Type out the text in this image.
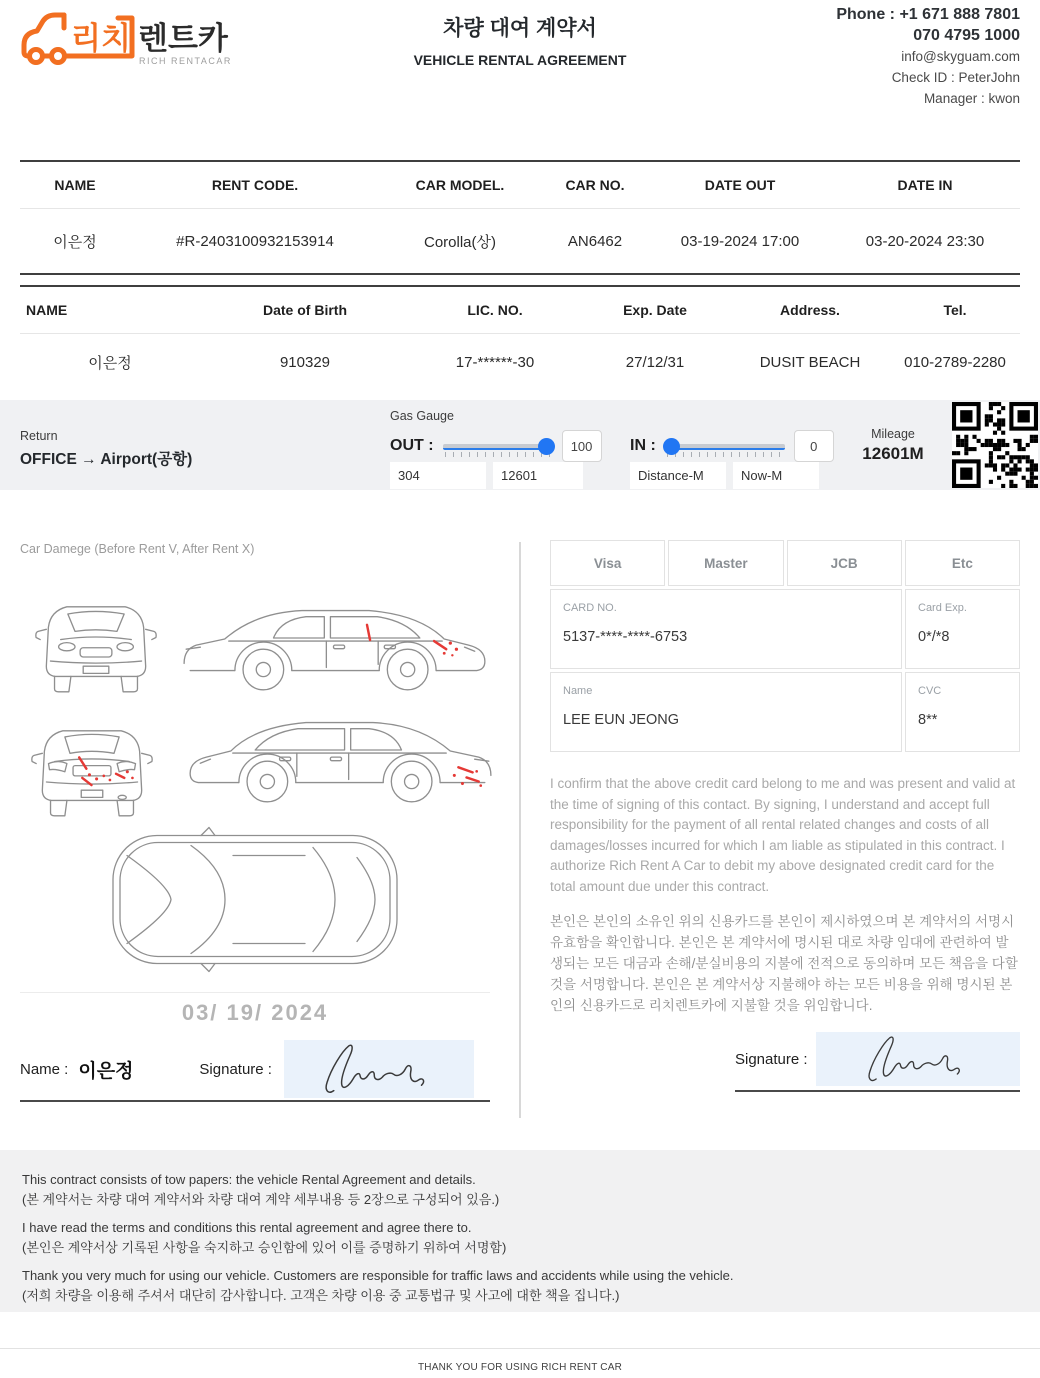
리치 렌트카
RICH RENTACAR
차량 대여 계약서
VEHICLE RENTAL AGREEMENT
Phone : +1 671 888 7801
070 4795 1000
info@skyguam.com
Check ID : PeterJohn
Manager : kwon
NAME	RENT CODE.	CAR MODEL.	CAR NO.	DATE OUT	DATE IN
이은정	#R-2403100932153914	Corolla(상)	AN6462	03-19-2024 17:00	03-20-2024 23:30
NAME	Date of Birth	LIC. NO.	Exp. Date	Address.	Tel.
이은정	910329	17-******-30	27/12/31	DUSIT BEACH	010-2789-2280
Return
OFFICE → Airport(공항)
Gas Gauge
OUT :	100
304	12601
IN :	0
Distance-M	Now-M
Mileage
12601M
Car Damege (Before Rent V, After Rent X)
03/ 19/ 2024
Name : 이은정	Signature :
Visa	Master	JCB	Etc
CARD NO.
5137-****-****-6753
Card Exp.
0*/*8
Name
LEE EUN JEONG
CVC
8**
I confirm that the above credit card belong to me and was present and valid at the time of signing of this contact. By signing, I understand and accept full responsibility for the payment of all rental related changes and costs of all damages/losses incurred for which I am liable as stipulated in this contract. I authorize Rich Rent A Car to debit my above designated credit card for the total amount due under this contract.
본인은 본인의 소유인 위의 신용카드를 본인이 제시하였으며 본 계약서의 서명시 유효함을 확인합니다. 본인은 본 계약서에 명시된 대로 차량 임대에 관련하여 발생되는 모든 대금과 손해/분실비용의 지불에 전적으로 동의하며 모든 책음을 다할 것을 서명합니다. 본인은 본 계약서상 지불해야 하는 모든 비용을 위해 명시된 본인의 신용카드로 리치렌트카에 지불할 것을 위임합니다.
Signature :

This contract consists of tow papers: the vehicle Rental Agreement and details.

(본 계약서는 차량 대여 계약서와 차량 대여 계약 세부내용 등 2장으로 구성되어 있음.)

I have read the terms and conditions this rental agreement and agree there to.

(본인은 계약서상 기록된 사항을 숙지하고 승인함에 있어 이를 증명하기 위하여 서명함)

Thank you very much for using our vehicle. Customers are responsible for traffic laws and accidents while using the vehicle.

(저희 차량을 이용해 주셔서 대단히 감사합니다. 고객은 차량 이용 중 교통법규 및 사고에 대한 책을 집니다.)

THANK YOU FOR USING RICH RENT CAR
